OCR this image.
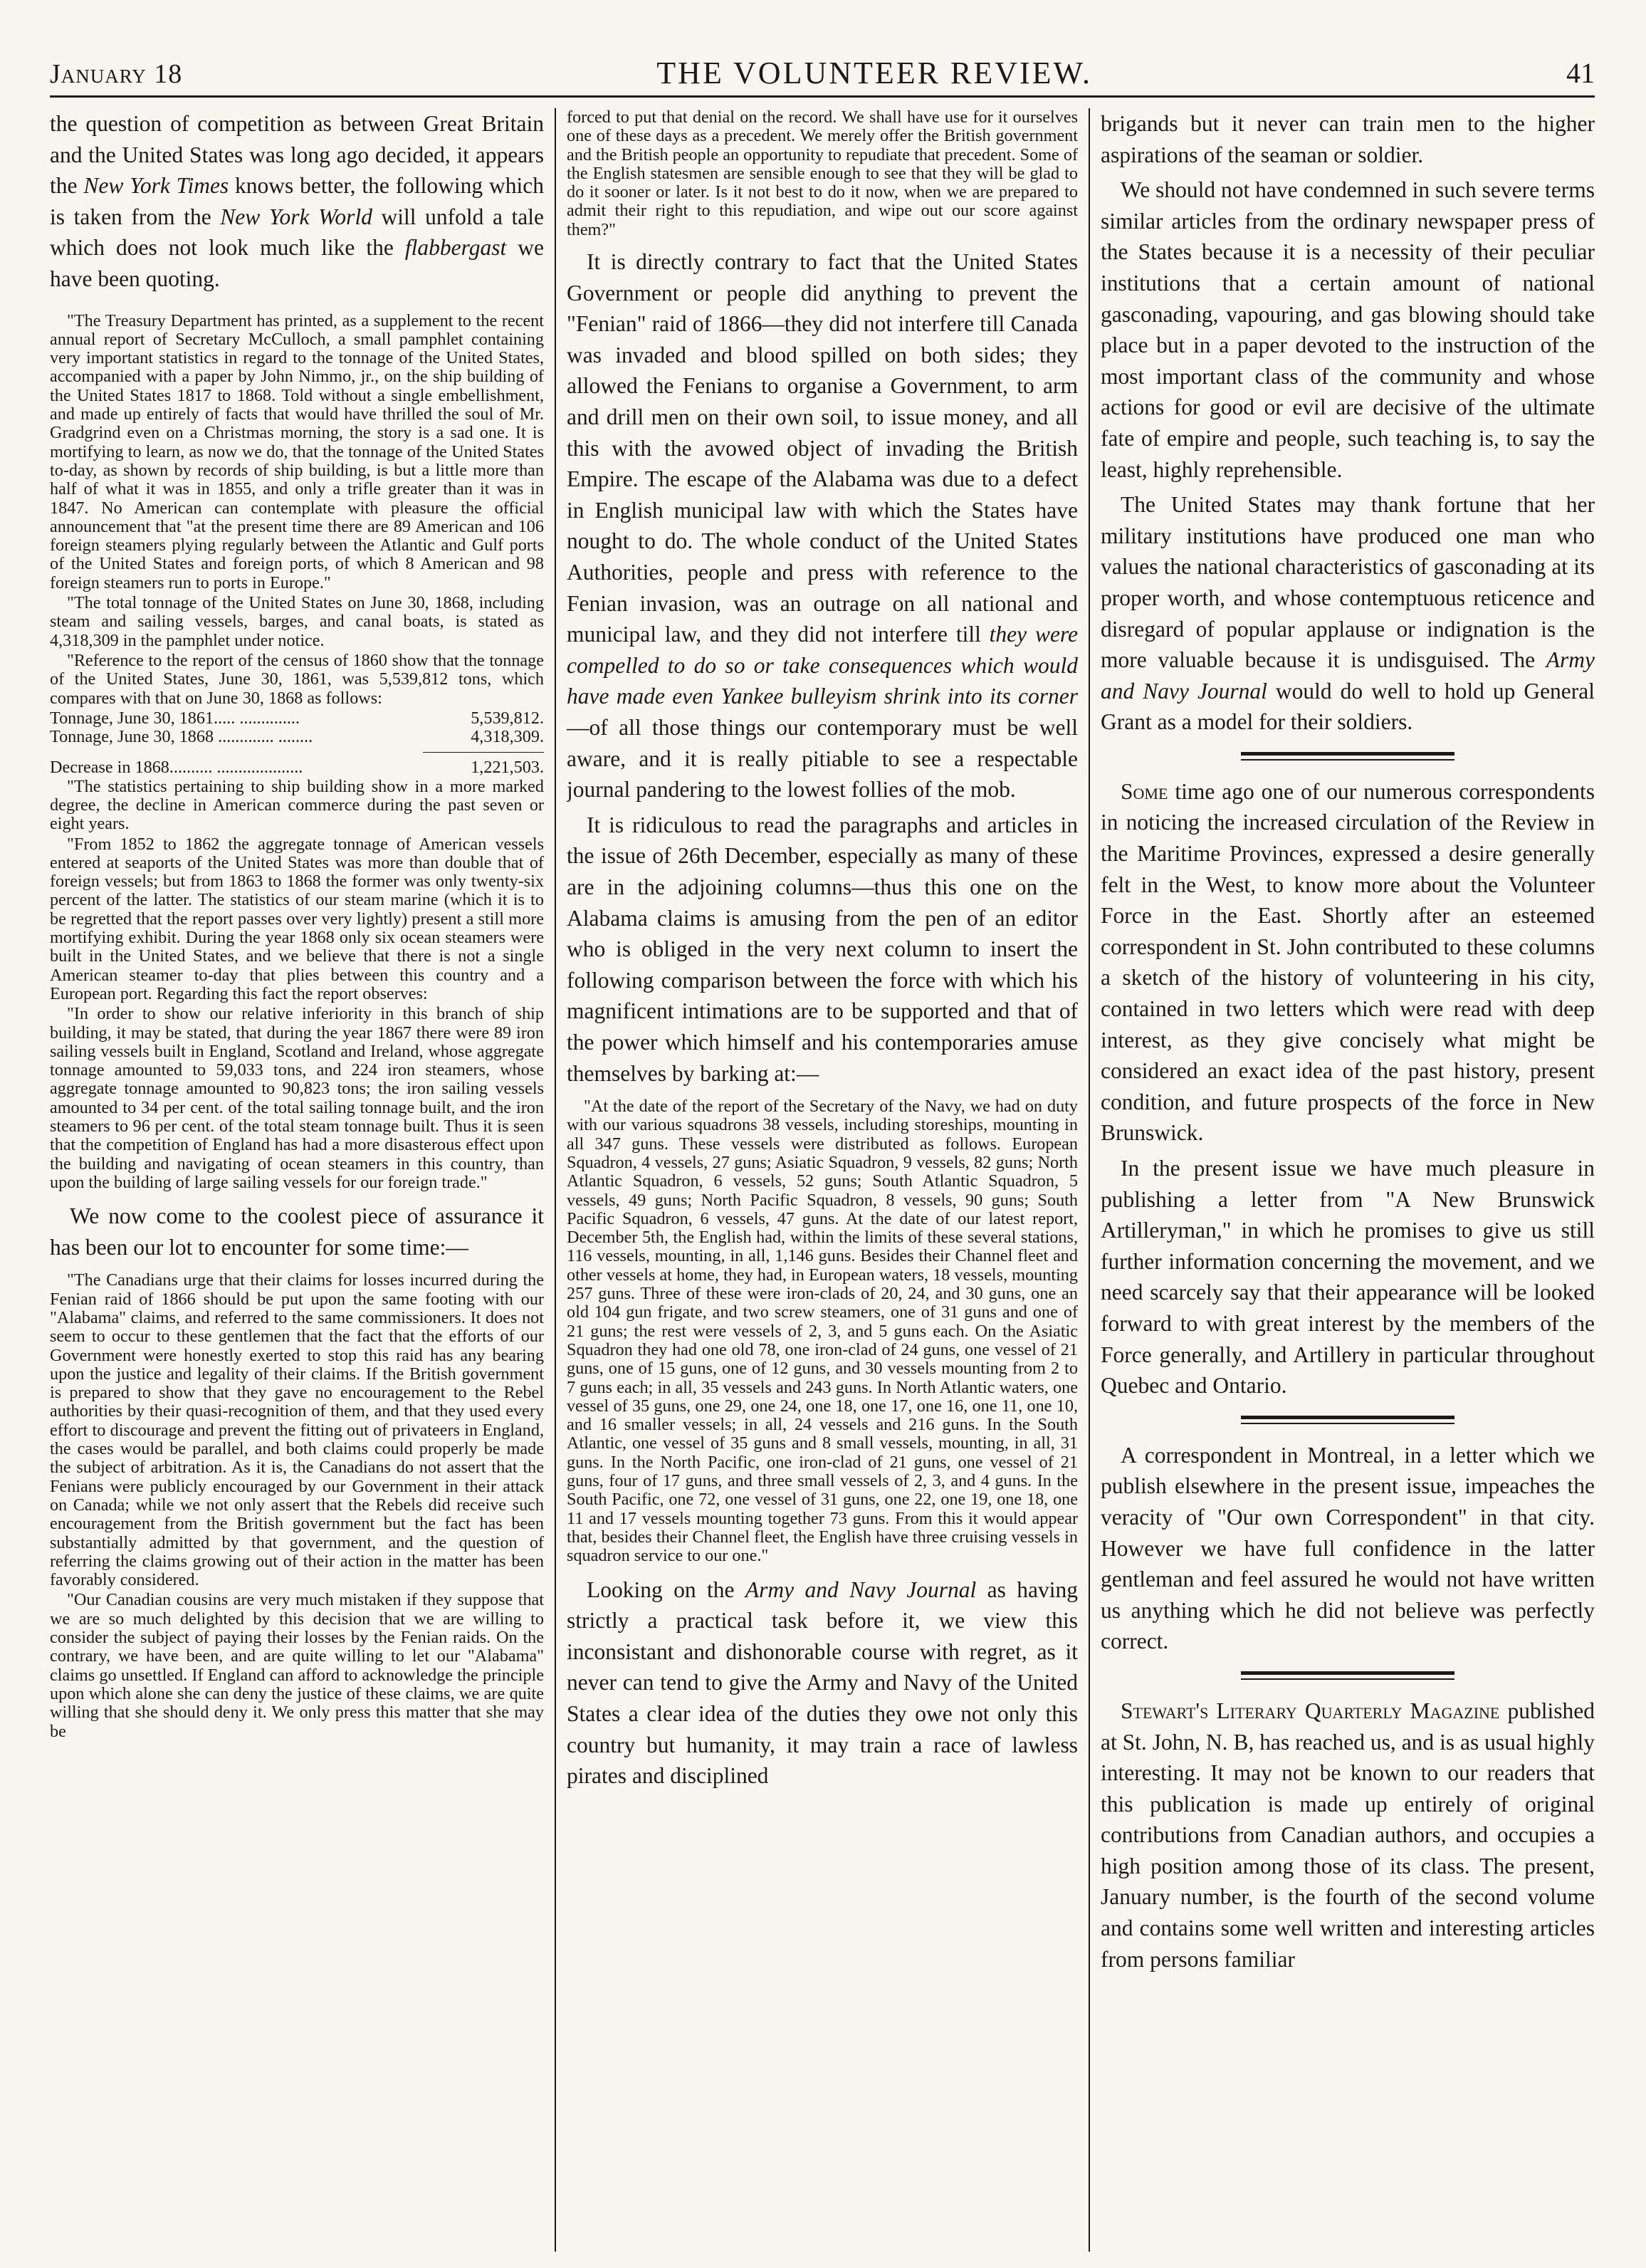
January 18	THE VOLUNTEER REVIEW.	41

the question of competition as between Great Britain and the United States was long ago decided, it appears the New York Times knows better, the following which is taken from the New York World will unfold a tale which does not look much like the flabbergast we have been quoting.

"The Treasury Department has printed, as a supplement to the recent annual report of Secretary McCulloch, a small pamphlet containing very important statistics in regard to the tonnage of the United States, accompanied with a paper by John Nimmo, jr., on the ship building of the United States 1817 to 1868. Told without a single embellishment, and made up entirely of facts that would have thrilled the soul of Mr. Gradgrind even on a Christmas morning, the story is a sad one. It is mortifying to learn, as now we do, that the tonnage of the United States to-day, as shown by records of ship building, is but a little more than half of what it was in 1855, and only a trifle greater than it was in 1847. No American can contemplate with pleasure the official announcement that "at the present time there are 89 American and 106 foreign steamers plying regularly between the Atlantic and Gulf ports of the United States and foreign ports, of which 8 American and 98 foreign steamers run to ports in Europe."

"The total tonnage of the United States on June 30, 1868, including steam and sailing vessels, barges, and canal boats, is stated as 4,318,309 in the pamphlet under notice.

"Reference to the report of the census of 1860 show that the tonnage of the United States, June 30, 1861, was 5,539,812 tons, which compares with that on June 30, 1868 as follows:

Tonnage, June 30, 1861..... ..............	5,539,812.
Tonnage, June 30, 1868 ............. ........	4,318,309.
Decrease in 1868.......... ....................	1,221,503.

"The statistics pertaining to ship building show in a more marked degree, the decline in American commerce during the past seven or eight years.

"From 1852 to 1862 the aggregate tonnage of American vessels entered at seaports of the United States was more than double that of foreign vessels; but from 1863 to 1868 the former was only twenty-six percent of the latter. The statistics of our steam marine (which it is to be regretted that the report passes over very lightly) present a still more mortifying exhibit. During the year 1868 only six ocean steamers were built in the United States, and we believe that there is not a single American steamer to-day that plies between this country and a European port. Regarding this fact the report observes:

"In order to show our relative inferiority in this branch of ship building, it may be stated, that during the year 1867 there were 89 iron sailing vessels built in England, Scotland and Ireland, whose aggregate tonnage amounted to 59,033 tons, and 224 iron steamers, whose aggregate tonnage amounted to 90,823 tons; the iron sailing vessels amounted to 34 per cent. of the total sailing tonnage built, and the iron steamers to 96 per cent. of the total steam tonnage built. Thus it is seen that the competition of England has had a more disasterous effect upon the building and navigating of ocean steamers in this country, than upon the building of large sailing vessels for our foreign trade."

We now come to the coolest piece of assurance it has been our lot to encounter for some time:—

"The Canadians urge that their claims for losses incurred during the Fenian raid of 1866 should be put upon the same footing with our "Alabama" claims, and referred to the same commissioners. It does not seem to occur to these gentlemen that the fact that the efforts of our Government were honestly exerted to stop this raid has any bearing upon the justice and legality of their claims. If the British government is prepared to show that they gave no encouragement to the Rebel authorities by their quasi-recognition of them, and that they used every effort to discourage and prevent the fitting out of privateers in England, the cases would be parallel, and both claims could properly be made the subject of arbitration. As it is, the Canadians do not assert that the Fenians were publicly encouraged by our Government in their attack on Canada; while we not only assert that the Rebels did receive such encouragement from the British government but the fact has been substantially admitted by that government, and the question of referring the claims growing out of their action in the matter has been favorably considered.

"Our Canadian cousins are very much mistaken if they suppose that we are so much delighted by this decision that we are willing to consider the subject of paying their losses by the Fenian raids. On the contrary, we have been, and are quite willing to let our "Alabama" claims go unsettled. If England can afford to acknowledge the principle upon which alone she can deny the justice of these claims, we are quite willing that she should deny it. We only press this matter that she may be

forced to put that denial on the record. We shall have use for it ourselves one of these days as a precedent. We merely offer the British government and the British people an opportunity to repudiate that precedent. Some of the English statesmen are sensible enough to see that they will be glad to do it sooner or later. Is it not best to do it now, when we are prepared to admit their right to this repudiation, and wipe out our score against them?"

It is directly contrary to fact that the United States Government or people did anything to prevent the "Fenian" raid of 1866—they did not interfere till Canada was invaded and blood spilled on both sides; they allowed the Fenians to organise a Government, to arm and drill men on their own soil, to issue money, and all this with the avowed object of invading the British Empire. The escape of the Alabama was due to a defect in English municipal law with which the States have nought to do. The whole conduct of the United States Authorities, people and press with reference to the Fenian invasion, was an outrage on all national and municipal law, and they did not interfere till they were compelled to do so or take consequences which would have made even Yankee bulleyism shrink into its corner—of all those things our contemporary must be well aware, and it is really pitiable to see a respectable journal pandering to the lowest follies of the mob.

It is ridiculous to read the paragraphs and articles in the issue of 26th December, especially as many of these are in the adjoining columns—thus this one on the Alabama claims is amusing from the pen of an editor who is obliged in the very next column to insert the following comparison between the force with which his magnificent intimations are to be supported and that of the power which himself and his contemporaries amuse themselves by barking at:—

"At the date of the report of the Secretary of the Navy, we had on duty with our various squadrons 38 vessels, including storeships, mounting in all 347 guns. These vessels were distributed as follows. European Squadron, 4 vessels, 27 guns; Asiatic Squadron, 9 vessels, 82 guns; North Atlantic Squadron, 6 vessels, 52 guns; South Atlantic Squadron, 5 vessels, 49 guns; North Pacific Squadron, 8 vessels, 90 guns; South Pacific Squadron, 6 vessels, 47 guns. At the date of our latest report, December 5th, the English had, within the limits of these several stations, 116 vessels, mounting, in all, 1,146 guns. Besides their Channel fleet and other vessels at home, they had, in European waters, 18 vessels, mounting 257 guns. Three of these were iron-clads of 20, 24, and 30 guns, one an old 104 gun frigate, and two screw steamers, one of 31 guns and one of 21 guns; the rest were vessels of 2, 3, and 5 guns each. On the Asiatic Squadron they had one old 78, one iron-clad of 24 guns, one vessel of 21 guns, one of 15 guns, one of 12 guns, and 30 vessels mounting from 2 to 7 guns each; in all, 35 vessels and 243 guns. In North Atlantic waters, one vessel of 35 guns, one 29, one 24, one 18, one 17, one 16, one 11, one 10, and 16 smaller vessels; in all, 24 vessels and 216 guns. In the South Atlantic, one vessel of 35 guns and 8 small vessels, mounting, in all, 31 guns. In the North Pacific, one iron-clad of 21 guns, one vessel of 21 guns, four of 17 guns, and three small vessels of 2, 3, and 4 guns. In the South Pacific, one 72, one vessel of 31 guns, one 22, one 19, one 18, one 11 and 17 vessels mounting together 73 guns. From this it would appear that, besides their Channel fleet, the English have three cruising vessels in squadron service to our one."

Looking on the Army and Navy Journal as having strictly a practical task before it, we view this inconsistant and dishonorable course with regret, as it never can tend to give the Army and Navy of the United States a clear idea of the duties they owe not only this country but humanity, it may train a race of lawless pirates and disciplined

brigands but it never can train men to the higher aspirations of the seaman or soldier.

We should not have condemned in such severe terms similar articles from the ordinary newspaper press of the States because it is a necessity of their peculiar institutions that a certain amount of national gasconading, vapouring, and gas blowing should take place but in a paper devoted to the instruction of the most important class of the community and whose actions for good or evil are decisive of the ultimate fate of empire and people, such teaching is, to say the least, highly reprehensible.

The United States may thank fortune that her military institutions have produced one man who values the national characteristics of gasconading at its proper worth, and whose contemptuous reticence and disregard of popular applause or indignation is the more valuable because it is undisguised. The Army and Navy Journal would do well to hold up General Grant as a model for their soldiers.

Some time ago one of our numerous correspondents in noticing the increased circulation of the Review in the Maritime Provinces, expressed a desire generally felt in the West, to know more about the Volunteer Force in the East. Shortly after an esteemed correspondent in St. John contributed to these columns a sketch of the history of volunteering in his city, contained in two letters which were read with deep interest, as they give concisely what might be considered an exact idea of the past history, present condition, and future prospects of the force in New Brunswick.

In the present issue we have much pleasure in publishing a letter from "A New Brunswick Artilleryman," in which he promises to give us still further information concerning the movement, and we need scarcely say that their appearance will be looked forward to with great interest by the members of the Force generally, and Artillery in particular throughout Quebec and Ontario.

A correspondent in Montreal, in a letter which we publish elsewhere in the present issue, impeaches the veracity of "Our own Correspondent" in that city. However we have full confidence in the latter gentleman and feel assured he would not have written us anything which he did not believe was perfectly correct.

Stewart's Literary Quarterly Magazine published at St. John, N. B, has reached us, and is as usual highly interesting. It may not be known to our readers that this publication is made up entirely of original contributions from Canadian authors, and occupies a high position among those of its class. The present, January number, is the fourth of the second volume and contains some well written and interesting articles from persons familiar
